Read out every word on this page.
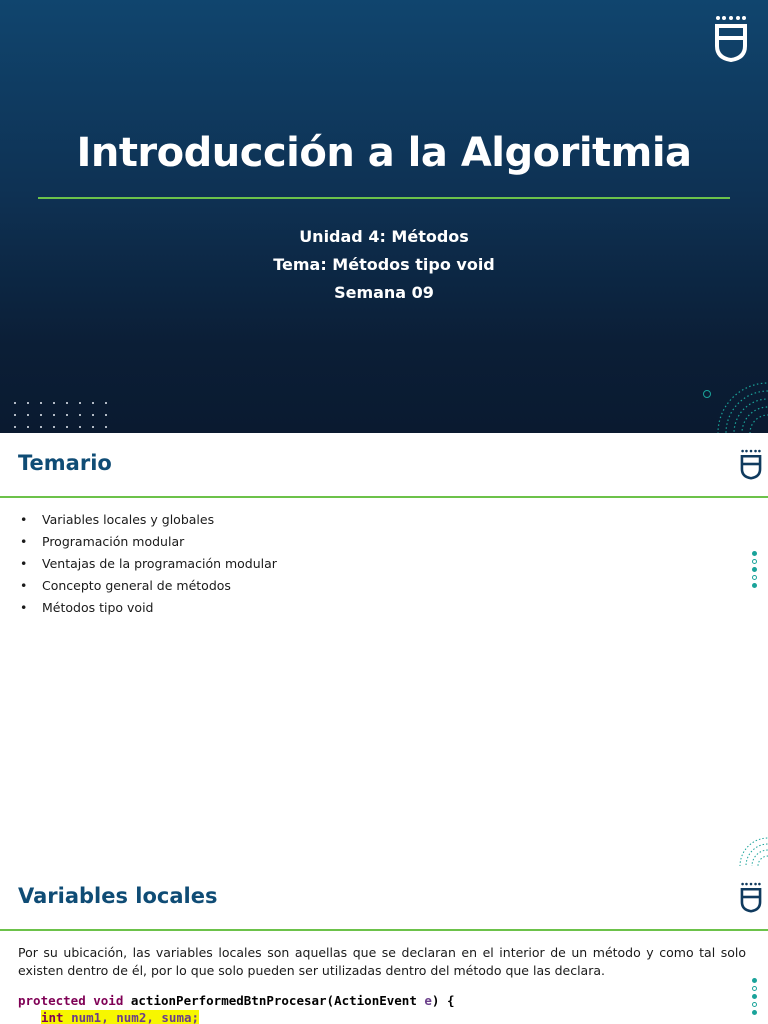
Introducción a la Algoritmia
Unidad 4: Métodos
Tema: Métodos tipo void
Semana 09
Temario
•	Variables locales y globales
•	Programación modular
•	Ventajas de la programación modular
•	Concepto general de métodos
•	Métodos tipo void
Variables locales
Por su ubicación, las variables locales son aquellas que se declaran en el interior de un método y como tal solo existen dentro de él, por lo que solo pueden ser utilizadas dentro del método que las declara.
protected void actionPerformedBtnProcesar(ActionEvent e) {
int num1, num2, suma;
